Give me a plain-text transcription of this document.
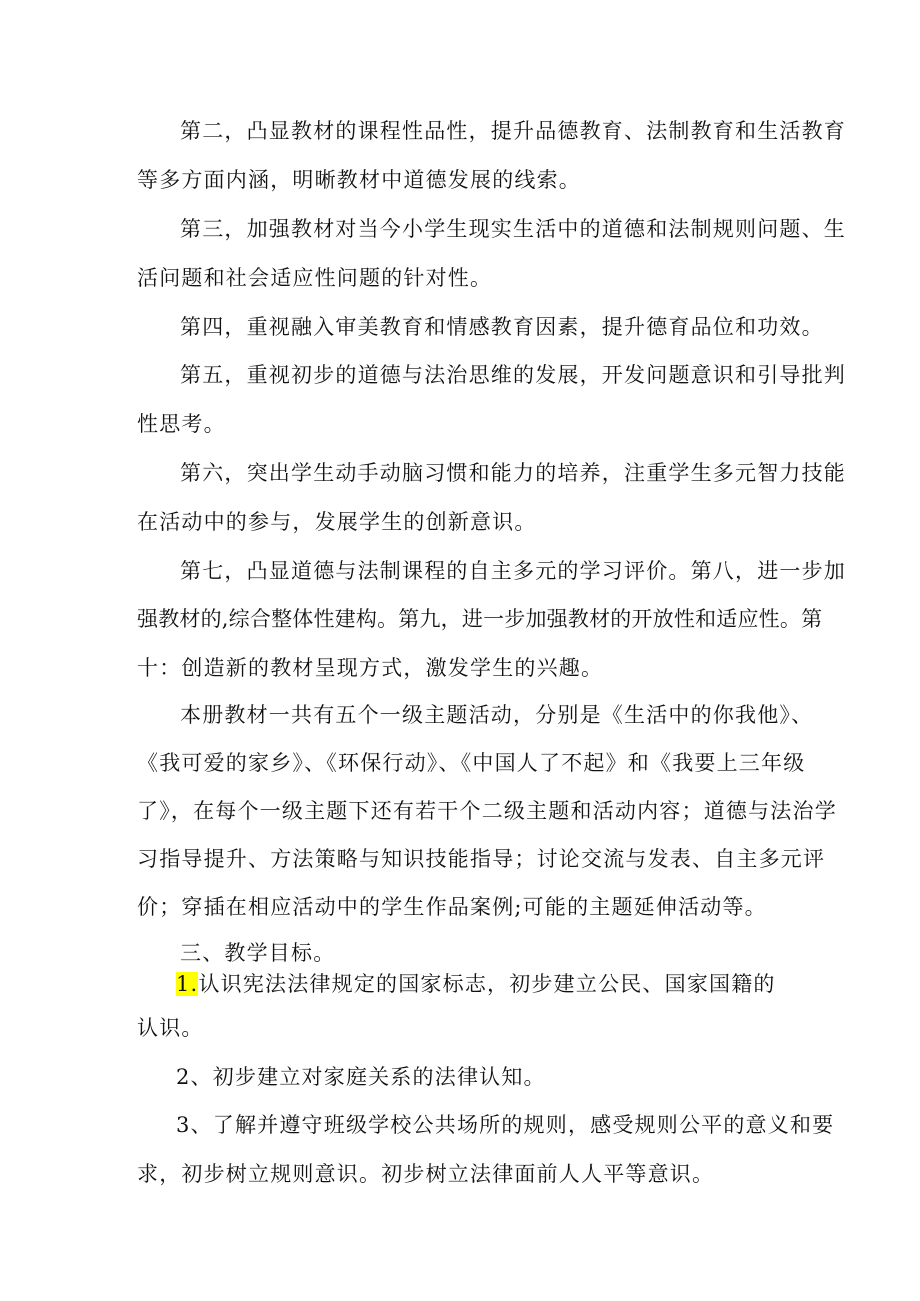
第二，凸显教材的课程性品性，提升品德教育、法制教育和生活教育
等多方面内涵，明晰教材中道德发展的线索。
第三，加强教材对当今小学生现实生活中的道德和法制规则问题、生
活问题和社会适应性问题的针对性。
第四，重视融入审美教育和情感教育因素，提升德育品位和功效。
第五，重视初步的道德与法治思维的发展，开发问题意识和引导批判
性思考。
第六，突出学生动手动脑习惯和能力的培养，注重学生多元智力技能
在活动中的参与，发展学生的创新意识。
第七，凸显道德与法制课程的自主多元的学习评价。第八，进一步加
强教材的,综合整体性建构。第九，进一步加强教材的开放性和适应性。第
十：创造新的教材呈现方式，激发学生的兴趣。
本册教材一共有五个一级主题活动，分别是《生活中的你我他》、
《我可爱的家乡》、《环保行动》、《中国人了不起》和《我要上三年级
了》，在每个一级主题下还有若干个二级主题和活动内容；道德与法治学
习指导提升、方法策略与知识技能指导；讨论交流与发表、自主多元评
价；穿插在相应活动中的学生作品案例;可能的主题延伸活动等。
三、教学目标。
1.认识宪法法律规定的国家标志，初步建立公民、国家国籍的
认识。
2、初步建立对家庭关系的法律认知。
3、了解并遵守班级学校公共场所的规则，感受规则公平的意义和要
求，初步树立规则意识。初步树立法律面前人人平等意识。
